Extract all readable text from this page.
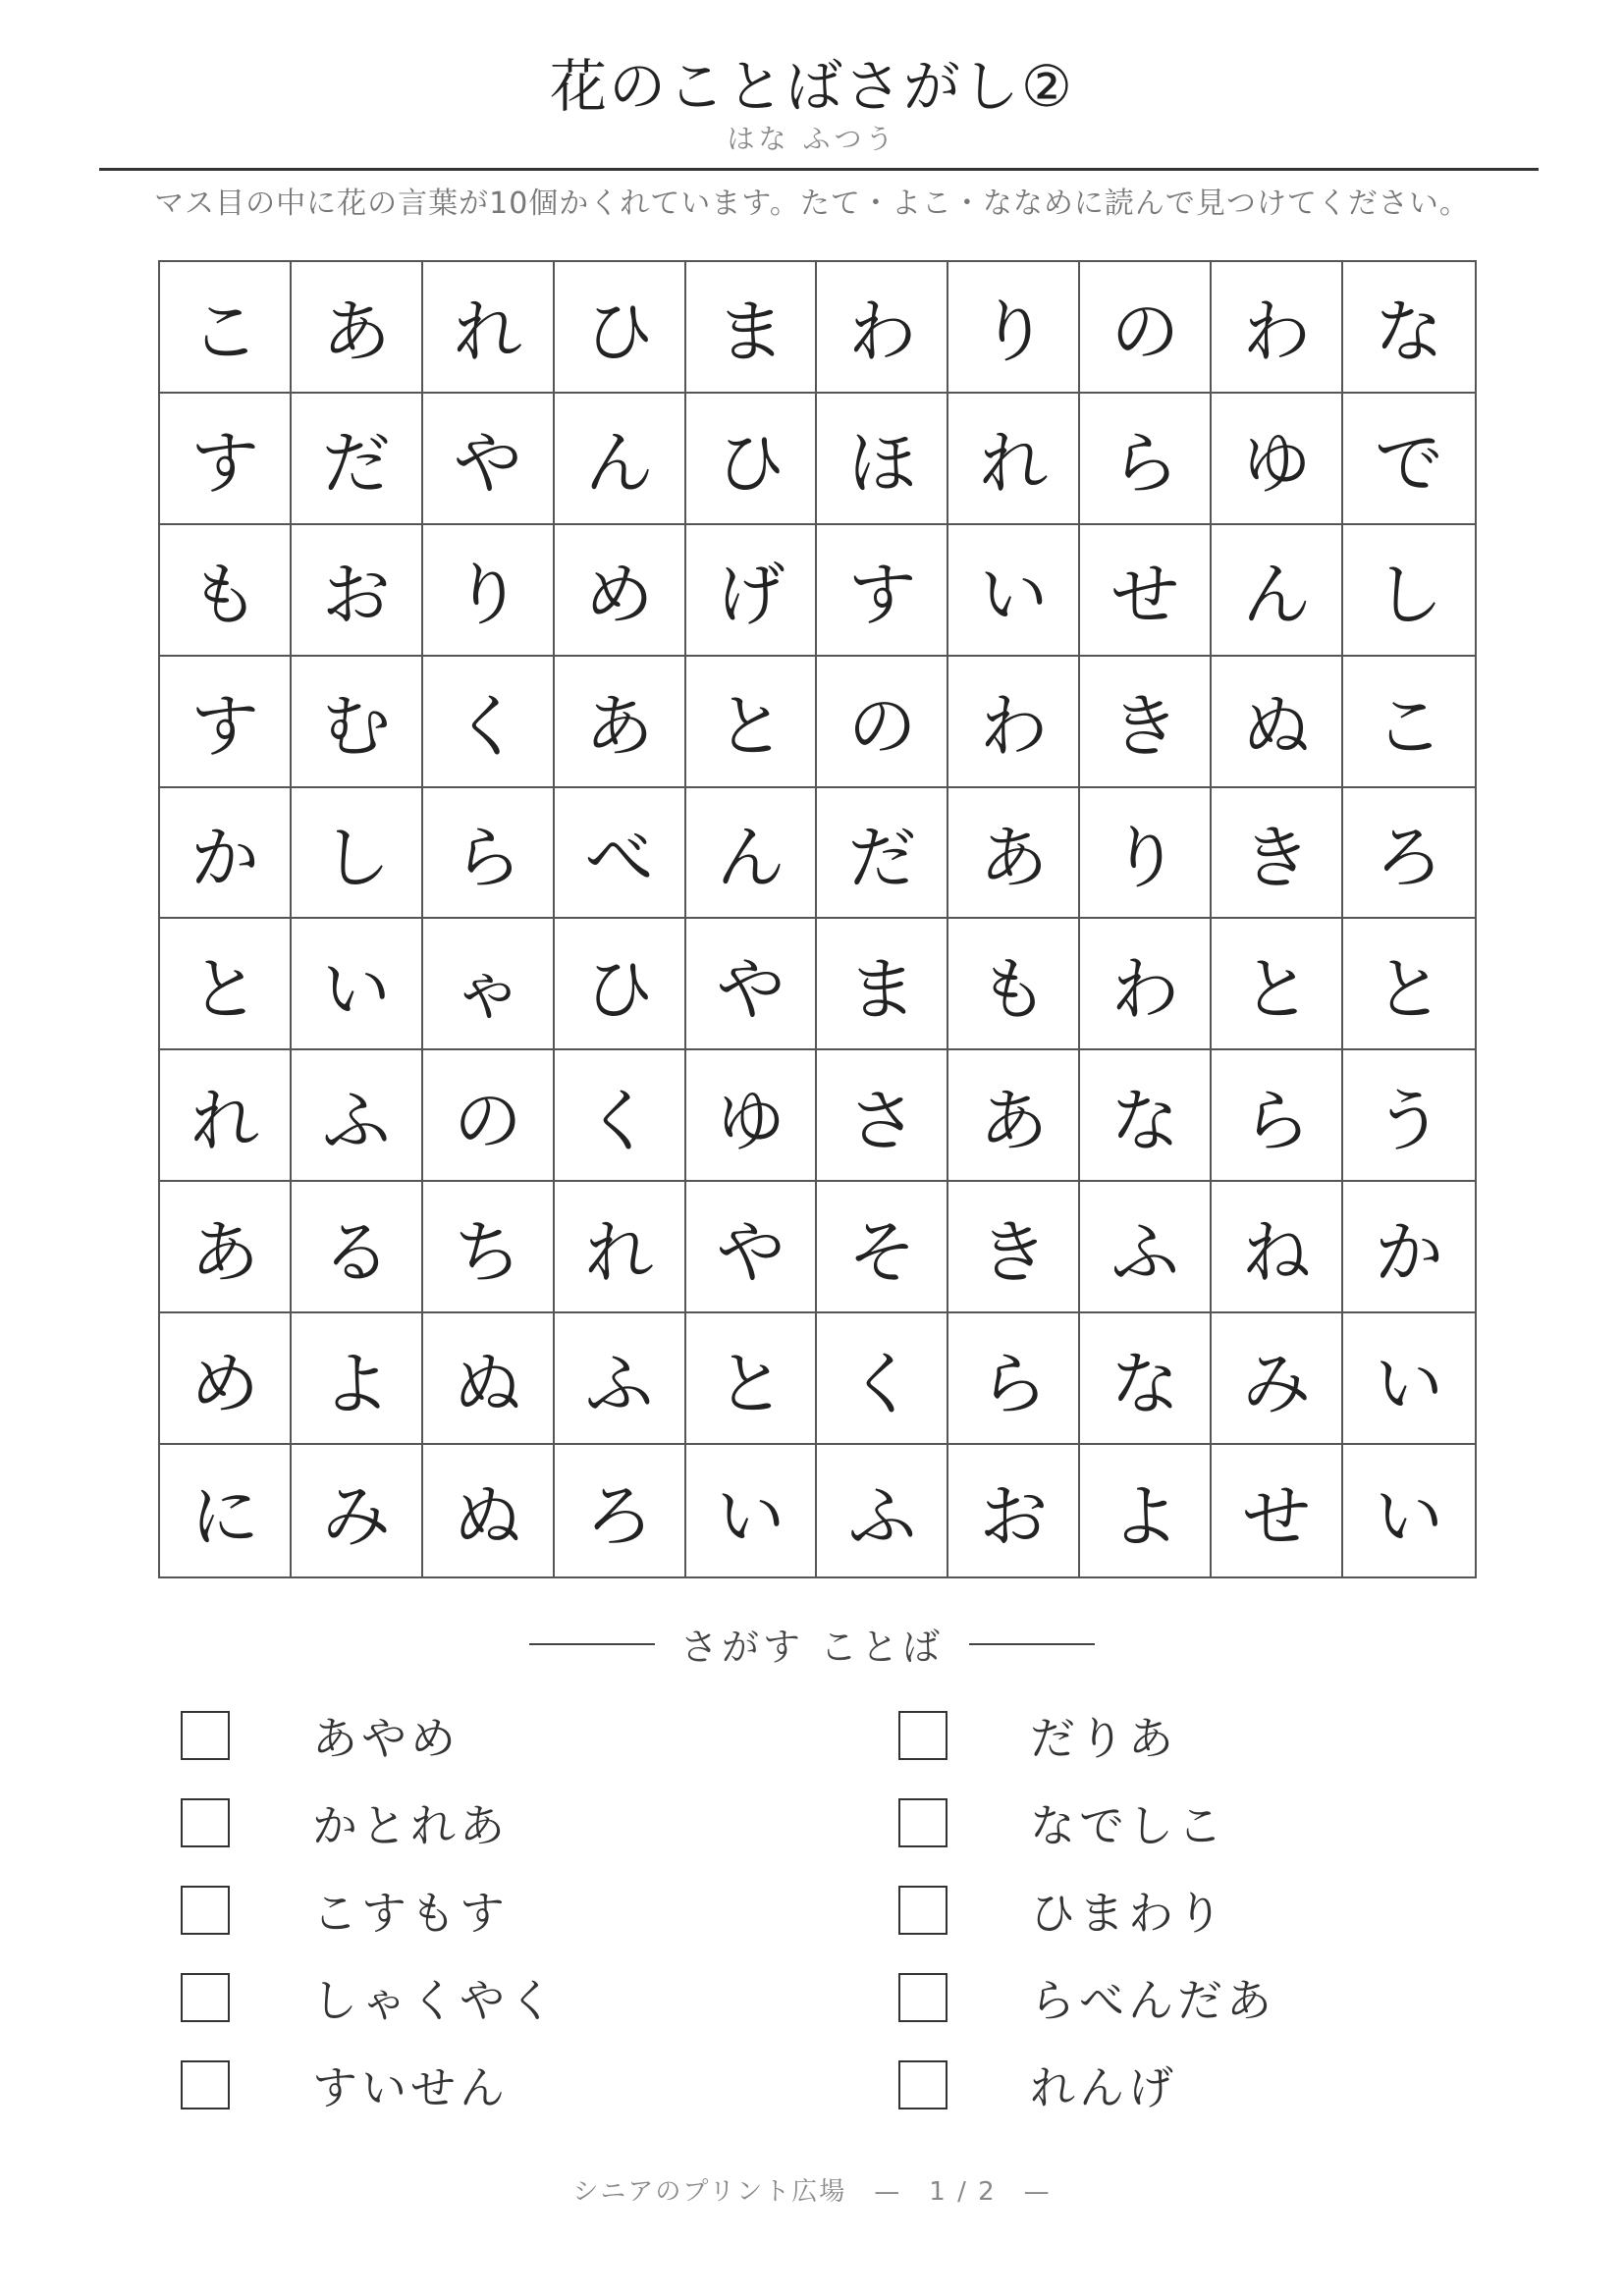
花のことばさがし②
はな ふつう
マス目の中に花の言葉が10個かくれています。たて・よこ・ななめに読んで見つけてください。
こ あ れ ひ ま わ り の わ な
す だ や ん ひ ほ れ ら ゆ で
も お り め げ す い せ ん し
す む く あ と の わ き ぬ こ
か し ら べ ん だ あ り き ろ
と い ゃ ひ や ま も わ と と
れ ふ の く ゆ さ あ な ら う
あ る ち れ や そ き ふ ね か
め よ ぬ ふ と く ら な み い
に み ぬ ろ い ふ お よ せ い
さがす ことば
あやめ
かとれあ
こすもす
しゃくやく
すいせん
だりあ
なでしこ
ひまわり
らべんだあ
れんげ
シニアのプリント広場　—　1 / 2　—
